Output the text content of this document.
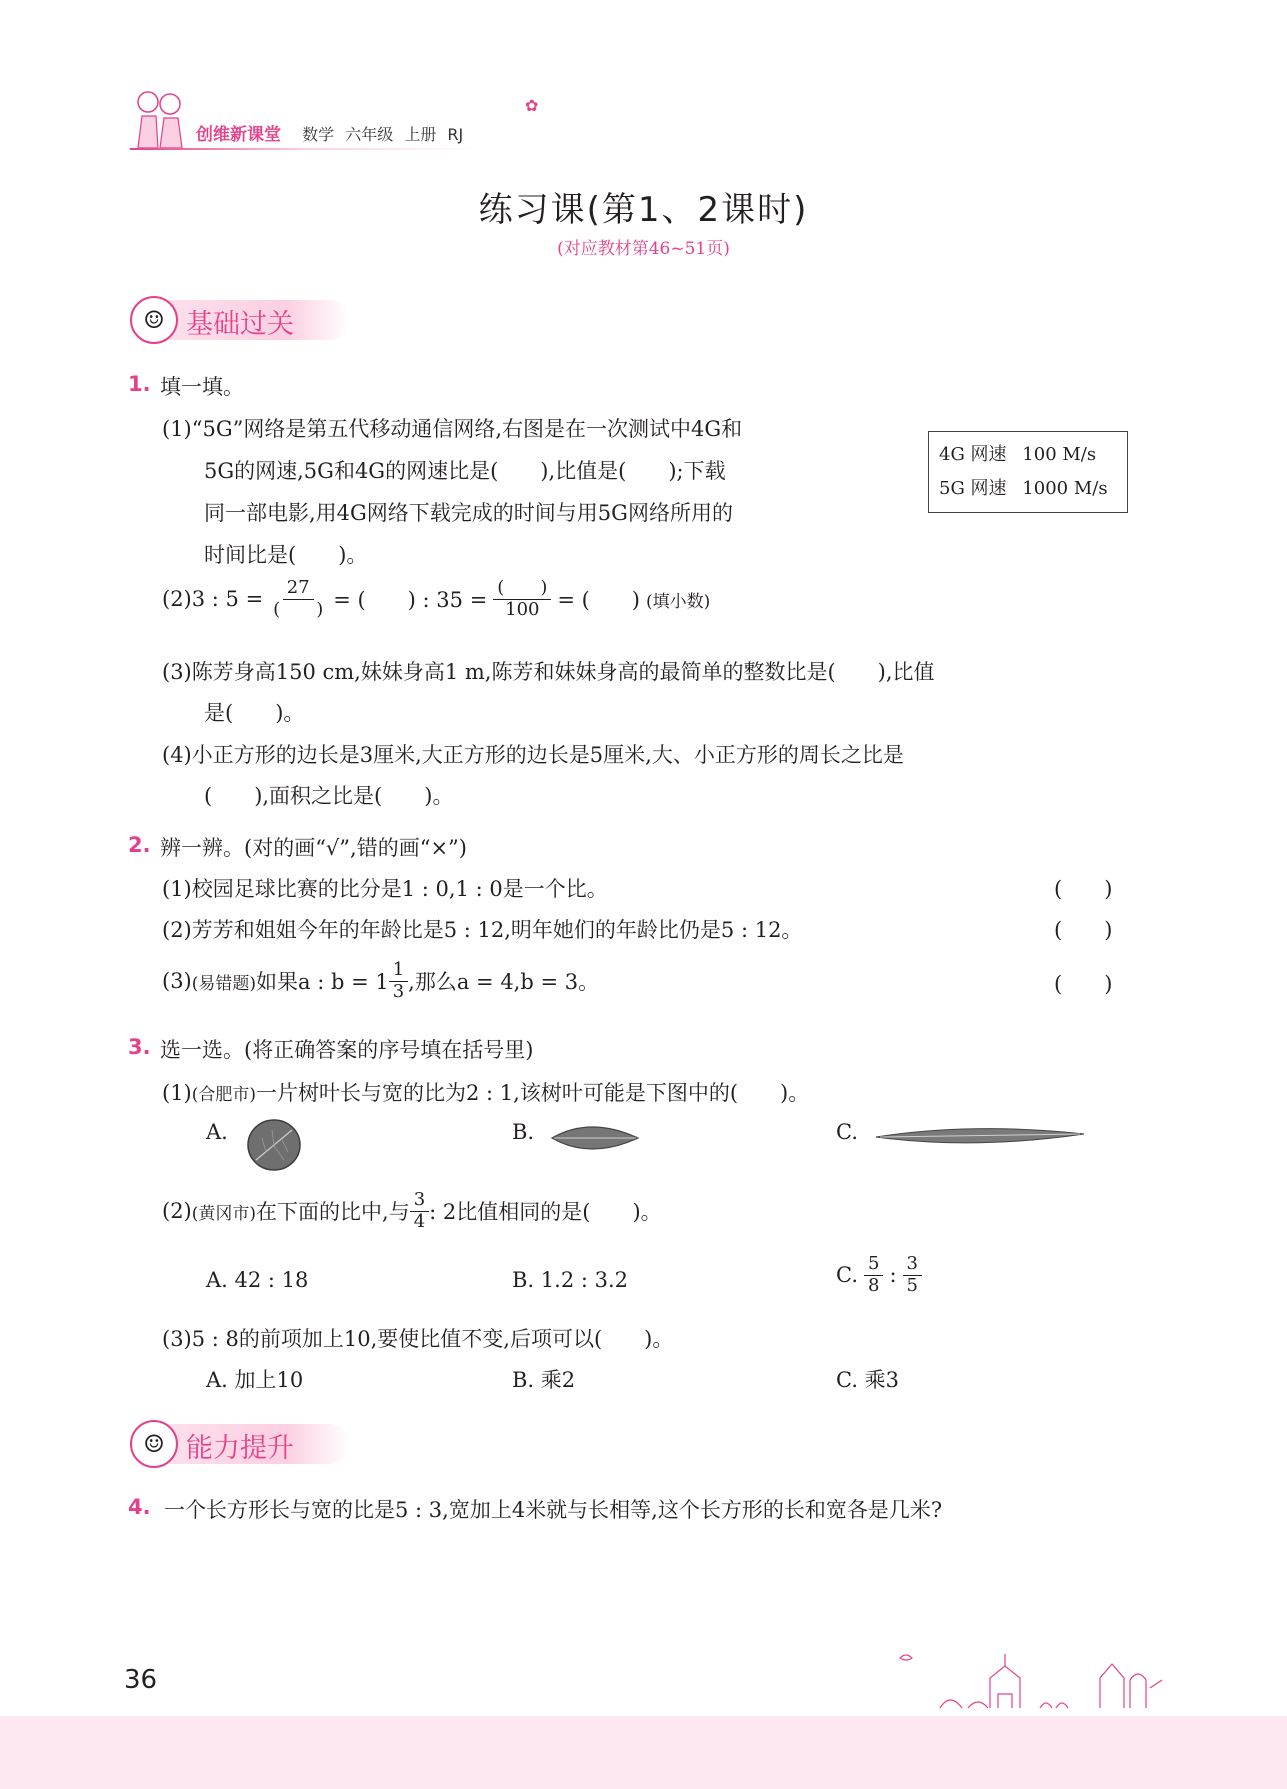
创维新课堂 数学 六年级 上册 RJ
✿
练习课(第1、2课时)
(对应教材第46~51页)
☺ 基础过关
1. 填一填。
(1)“5G”网络是第五代移动通信网络,右图是在一次测试中4G和
5G的网速,5G和4G的网速比是(　　),比值是(　　);下载
同一部电影,用4G网络下载完成的时间与用5G网络所用的
时间比是(　　)。
4G 网速 100 M/s
5G 网速 1000 M/s
(2)3 : $5 = \frac{27}{( )}$ = (　　) : $35 = \frac{( )}{100}$ = (　　) (填小数)
(3)陈芳身高150 cm,妹妹身高1 m,陈芳和妹妹身高的最简单的整数比是(　　),比值
是(　　)。
(4)小正方形的边长是3厘米,大正方形的边长是5厘米,大、小正方形的周长之比是
(　　),面积之比是(　　)。
2. 辨一辨。(对的画“√”,错的画“×”)
(1)校园足球比赛的比分是1 : 0,1 : 0是一个比。	(　　)
(2)芳芳和姐姐今年的年龄比是5 : 12,明年她们的年龄比仍是5 : 12。	(　　)
(3) (易错题) 如果a : $b = 1 \frac{1}{3}$ ,那么a = 4,b = 3。	(　　)
3. 选一选。(将正确答案的序号填在括号里)
(1)(合肥市)一片树叶长与宽的比为2 : 1,该树叶可能是下图中的(　　)。
A.	B.	C.
(2) (黄冈市) 在下面的比中,与 $\frac{3}{4}$ : 2比值相同的是(　　)。
A. 42 : 18	B. 1.2 : 3.2	C. $\frac{5}{8}$ : $\frac{3}{5}$
(3)5 : 8的前项加上10,要使比值不变,后项可以(　　)。
A. 加上10	B. 乘2	C. 乘3
☺ 能力提升
4. 一个长方形长与宽的比是5 : 3,宽加上4米就与长相等,这个长方形的长和宽各是几米?
36
